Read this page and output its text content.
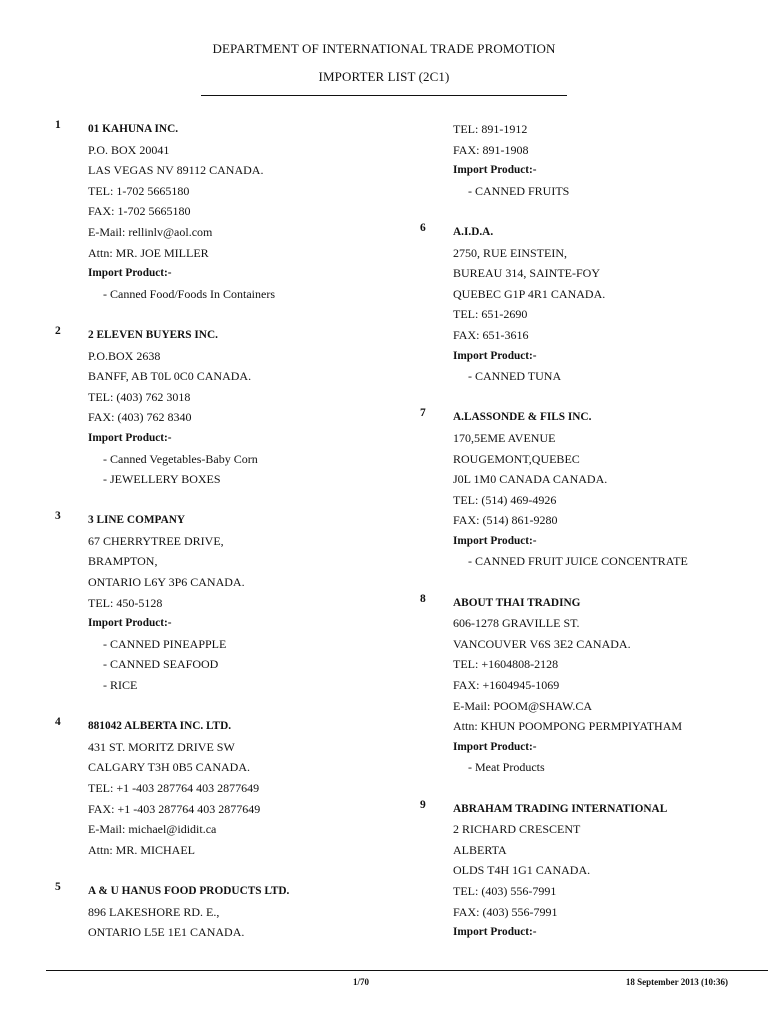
DEPARTMENT OF INTERNATIONAL TRADE PROMOTION
IMPORTER LIST (2C1)
1	01 KAHUNA INC.
P.O. BOX 20041
LAS VEGAS NV 89112 CANADA.
TEL: 1-702 5665180
FAX: 1-702 5665180
E-Mail: rellinlv@aol.com
Attn: MR. JOE MILLER
Import Product:-
- Canned Food/Foods In Containers
2	2 ELEVEN BUYERS INC.
P.O.BOX 2638
BANFF, AB T0L 0C0 CANADA.
TEL: (403) 762 3018
FAX: (403) 762 8340
Import Product:-
- Canned Vegetables-Baby Corn
- JEWELLERY BOXES
3	3 LINE COMPANY
67 CHERRYTREE DRIVE,
BRAMPTON,
ONTARIO L6Y 3P6 CANADA.
TEL: 450-5128
Import Product:-
- CANNED PINEAPPLE
- CANNED SEAFOOD
- RICE
4	881042 ALBERTA INC. LTD.
431 ST. MORITZ DRIVE SW
CALGARY T3H 0B5 CANADA.
TEL: +1 -403 287764 403 2877649
FAX: +1 -403 287764 403 2877649
E-Mail: michael@ididit.ca
Attn: MR. MICHAEL
5	A & U HANUS FOOD PRODUCTS LTD.
896 LAKESHORE RD. E.,
ONTARIO L5E 1E1 CANADA.
TEL: 891-1912
FAX: 891-1908
Import Product:-
- CANNED FRUITS
6	A.I.D.A.
2750, RUE EINSTEIN,
BUREAU 314, SAINTE-FOY
QUEBEC G1P 4R1 CANADA.
TEL: 651-2690
FAX: 651-3616
Import Product:-
- CANNED TUNA
7	A.LASSONDE & FILS INC.
170,5EME AVENUE
ROUGEMONT,QUEBEC
J0L 1M0 CANADA CANADA.
TEL: (514) 469-4926
FAX: (514) 861-9280
Import Product:-
- CANNED FRUIT JUICE CONCENTRATE
8	ABOUT THAI TRADING
606-1278 GRAVILLE ST.
VANCOUVER V6S 3E2 CANADA.
TEL: +1604808-2128
FAX: +1604945-1069
E-Mail: POOM@SHAW.CA
Attn: KHUN POOMPONG PERMPIYATHAM
Import Product:-
- Meat Products
9	ABRAHAM TRADING INTERNATIONAL
2 RICHARD CRESCENT
ALBERTA
OLDS T4H 1G1 CANADA.
TEL: (403) 556-7991
FAX: (403) 556-7991
Import Product:-
1/70	18 September 2013 (10:36)
